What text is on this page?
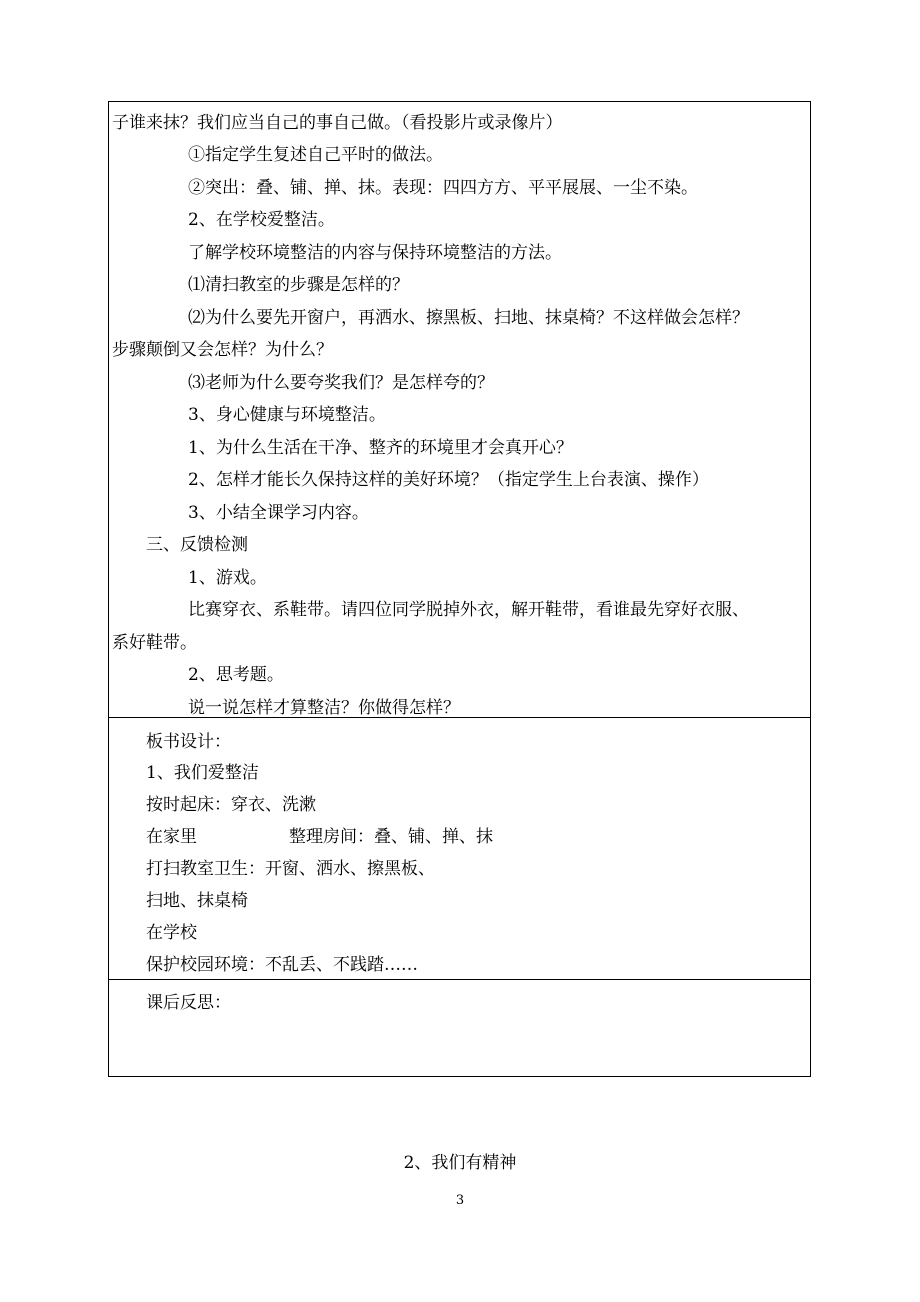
子谁来抹？我们应当自己的事自己做。（看投影片或录像片）
①指定学生复述自己平时的做法。
②突出：叠、铺、掸、抹。表现：四四方方、平平展展、一尘不染。
2、在学校爱整洁。
了解学校环境整洁的内容与保持环境整洁的方法。
⑴清扫教室的步骤是怎样的？
⑵为什么要先开窗户，再洒水、擦黑板、扫地、抹桌椅？不这样做会怎样？
步骤颠倒又会怎样？为什么？
⑶老师为什么要夸奖我们？是怎样夸的？
3、身心健康与环境整洁。
1、为什么生活在干净、整齐的环境里才会真开心？
2、怎样才能长久保持这样的美好环境？（指定学生上台表演、操作）
3、小结全课学习内容。
三、反馈检测
1、游戏。
比赛穿衣、系鞋带。请四位同学脱掉外衣，解开鞋带，看谁最先穿好衣服、
系好鞋带。
2、思考题。
说一说怎样才算整洁？你做得怎样？
板书设计：
1、我们爱整洁
按时起床：穿衣、洗漱
在家里	整理房间：叠、铺、掸、抹
打扫教室卫生：开窗、洒水、擦黑板、
扫地、抹桌椅
在学校
保护校园环境：不乱丢、不践踏……
课后反思：
2、我们有精神
3
